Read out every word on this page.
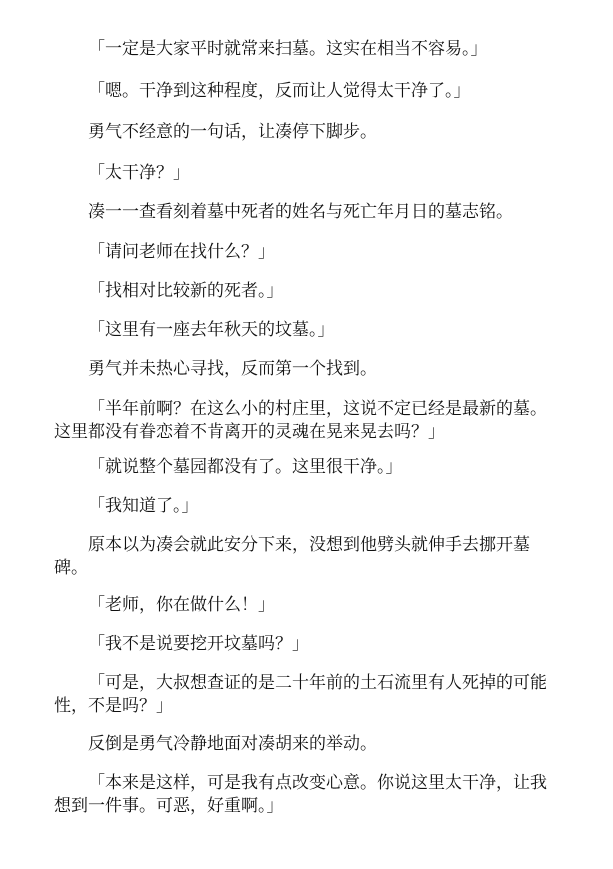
「一定是大家平时就常来扫墓。这实在相当不容易。」

「嗯。干净到这种程度，反而让人觉得太干净了。」

勇气不经意的一句话，让凑停下脚步。

「太干净？」

凑一一查看刻着墓中死者的姓名与死亡年月日的墓志铭。

「请问老师在找什么？」

「找相对比较新的死者。」

「这里有一座去年秋天的坟墓。」

勇气并未热心寻找，反而第一个找到。

「半年前啊？在这么小的村庄里，这说不定已经是最新的墓。这里都没有眷恋着不肯离开的灵魂在晃来晃去吗？」

「就说整个墓园都没有了。这里很干净。」

「我知道了。」

原本以为凑会就此安分下来，没想到他劈头就伸手去挪开墓碑。

「老师，你在做什么！」

「我不是说要挖开坟墓吗？」

「可是，大叔想查证的是二十年前的土石流里有人死掉的可能性，不是吗？」

反倒是勇气冷静地面对凑胡来的举动。

「本来是这样，可是我有点改变心意。你说这里太干净，让我想到一件事。可恶，好重啊。」
